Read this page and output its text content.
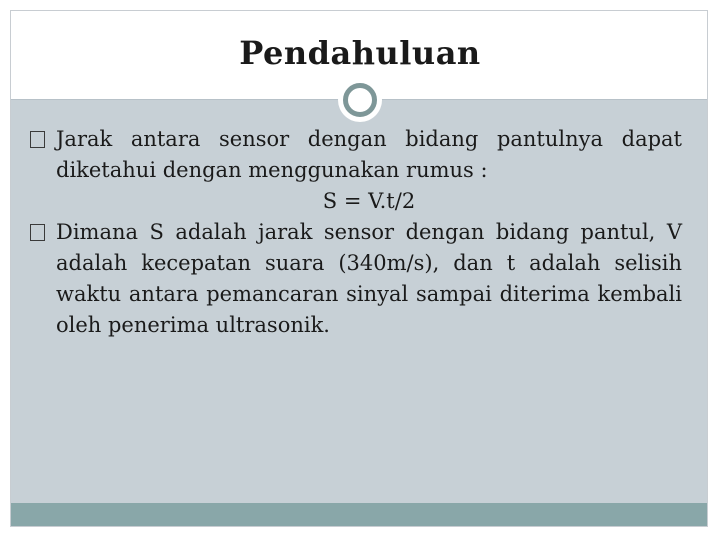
Pendahuluan

Jarak antara sensor dengan bidang pantulnya dapat diketahui dengan menggunakan rumus :

S = V.t/2

Dimana S adalah jarak sensor dengan bidang pantul, V adalah kecepatan suara (340m/s), dan t adalah selisih waktu antara pemancaran sinyal sampai diterima kembali oleh penerima ultrasonik.
